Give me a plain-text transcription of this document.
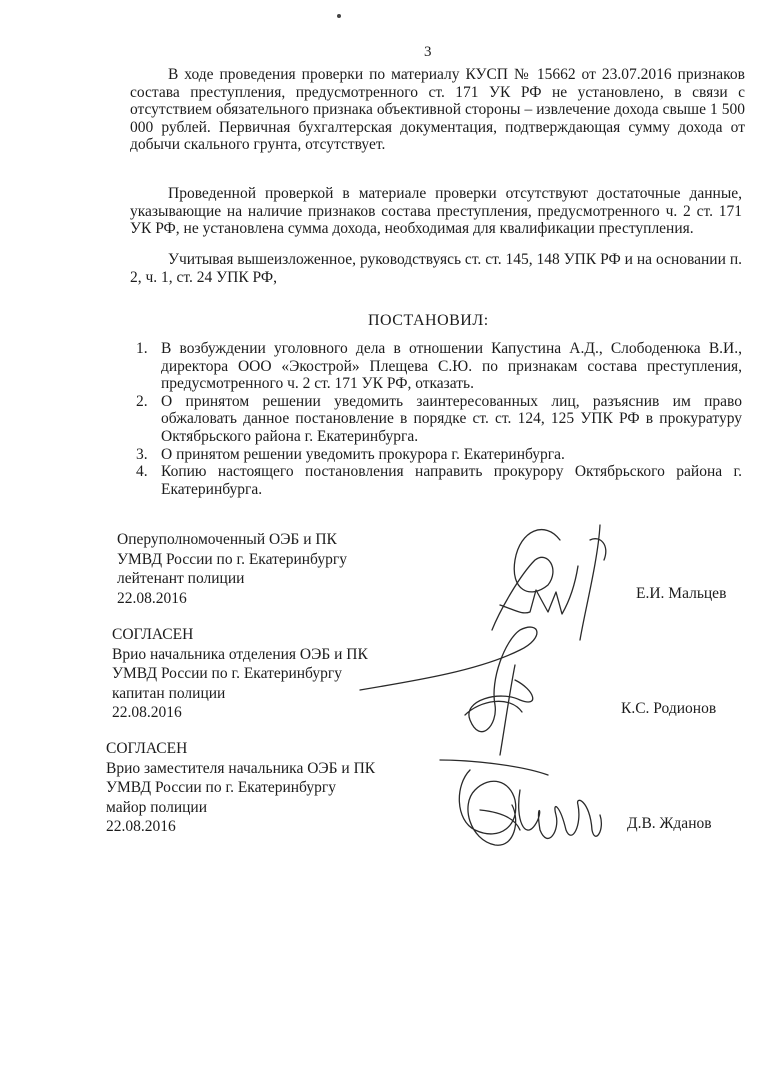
3
В ходе проведения проверки по материалу КУСП № 15662 от 23.07.2016 признаков состава преступления, предусмотренного ст. 171 УК РФ не установлено, в связи с отсутствием обязательного признака объективной стороны – извлечение дохода свыше 1 500 000 рублей. Первичная бухгалтерская документация, подтверждающая сумму дохода от добычи скального грунта, отсутствует.
Проведенной проверкой в материале проверки отсутствуют достаточные данные, указывающие на наличие признаков состава преступления, предусмотренного ч. 2 ст. 171 УК РФ, не установлена сумма дохода, необходимая для квалификации преступления.
Учитывая вышеизложенное, руководствуясь ст. ст. 145, 148 УПК РФ и на основании п. 2, ч. 1, ст. 24 УПК РФ,
ПОСТАНОВИЛ:
1. В возбуждении уголовного дела в отношении Капустина А.Д., Слободенюка В.И., директора ООО «Экострой» Плещева С.Ю. по признакам состава преступления, предусмотренного ч. 2 ст. 171 УК РФ, отказать.
2. О принятом решении уведомить заинтересованных лиц, разъяснив им право обжаловать данное постановление в порядке ст. ст. 124, 125 УПК РФ в прокуратуру Октябрьского района г. Екатеринбурга.
3. О принятом решении уведомить прокурора г. Екатеринбурга.
4. Копию настоящего постановления направить прокурору Октябрьского района г. Екатеринбурга.
Оперуполномоченный ОЭБ и ПК
УМВД России по г. Екатеринбургу
лейтенант полиции
22.08.2016	Е.И. Мальцев
СОГЛАСЕН
Врио начальника отделения ОЭБ и ПК
УМВД России по г. Екатеринбургу
капитан полиции
22.08.2016	К.С. Родионов
СОГЛАСЕН
Врио заместителя начальника ОЭБ и ПК
УМВД России по г. Екатеринбургу
майор полиции
22.08.2016	Д.В. Жданов
